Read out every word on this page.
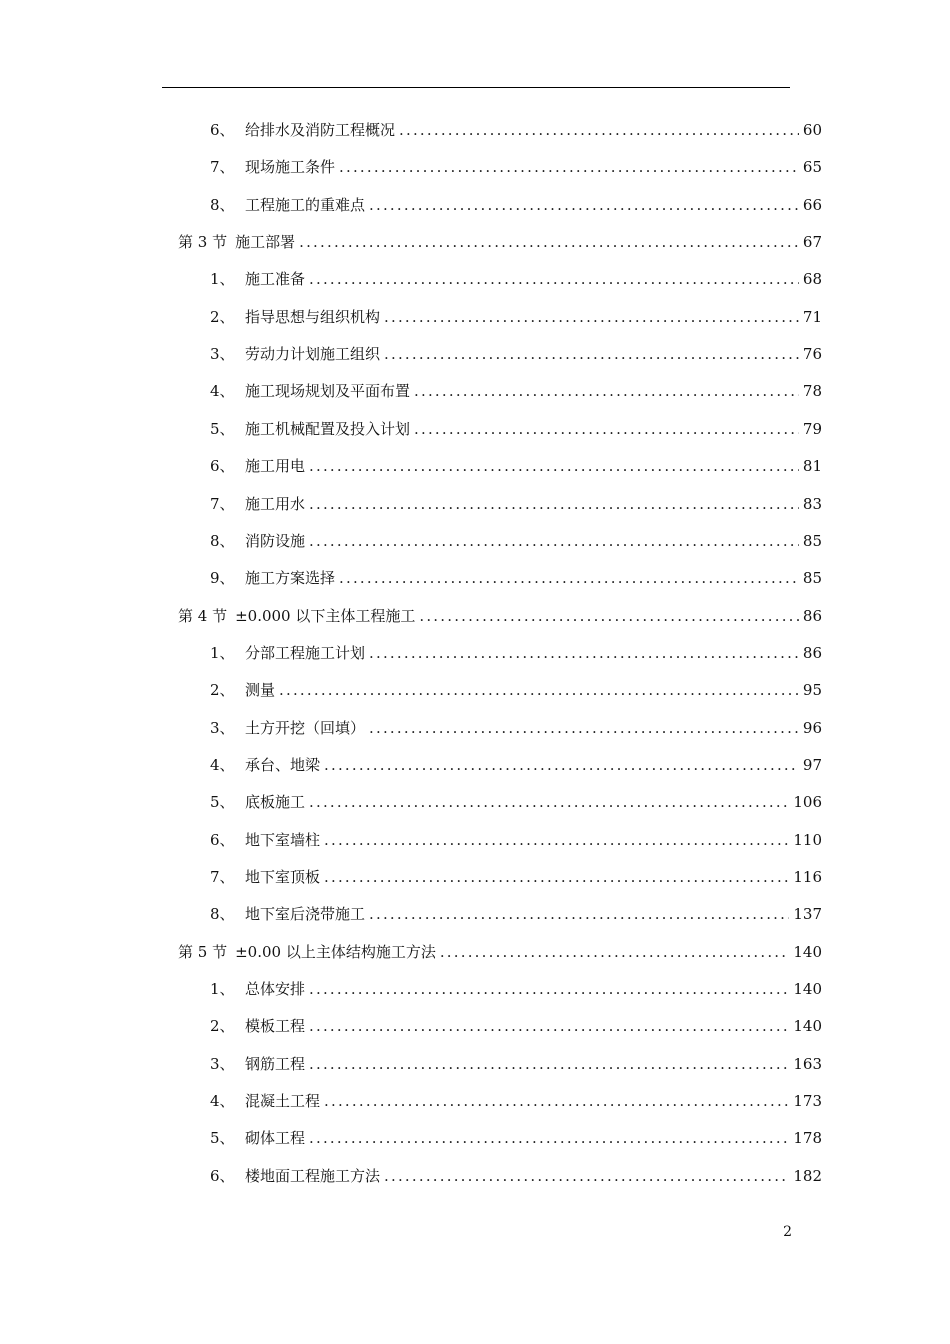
6、 给排水及消防工程概况 .....	60
7、 现场施工条件 .....	65
8、 工程施工的重难点 .....	66
第 3 节 施工部署 .....	67
1、 施工准备 .....	68
2、 指导思想与组织机构 .....	71
3、 劳动力计划施工组织 .....	76
4、 施工现场规划及平面布置 .....	78
5、 施工机械配置及投入计划 .....	79
6、 施工用电 .....	81
7、 施工用水 .....	83
8、 消防设施 .....	85
9、 施工方案选择 .....	85
第 4 节 ±0.000 以下主体工程施工 .....	86
1、 分部工程施工计划 .....	86
2、 测量 .....	95
3、 土方开挖（回填） .....	96
4、 承台、地梁 .....	97
5、 底板施工 .....	106
6、 地下室墙柱 .....	110
7、 地下室顶板 .....	116
8、 地下室后浇带施工 .....	137
第 5 节 ±0.00 以上主体结构施工方法 .....	140
1、 总体安排 .....	140
2、 模板工程 .....	140
3、 钢筋工程 .....	163
4、 混凝土工程 .....	173
5、 砌体工程 .....	178
6、 楼地面工程施工方法 .....	182
2
